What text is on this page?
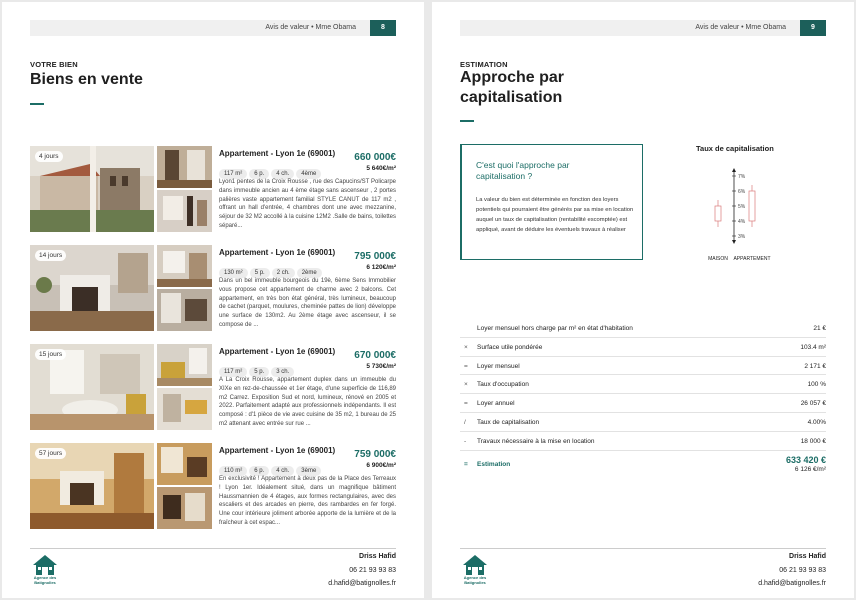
Avis de valeur • Mme Obama	8
VOTRE BIEN
Biens en vente
4 jours	Appartement - Lyon 1e (69001) 660 000€
5 640€/m²
117 m² 6 p. 4 ch. 4ème
Lyon1 pentes de la Croix Rousse , rue des Capucins/ST Policarpe dans immeuble ancien au 4 ème étage sans ascenseur , 2 portes palières vaste appartement familial STYLE CANUT de 117 m2 , offrant un hall d'entrée, 4 chambres dont une avec mezzanine, séjour de 32 M2 accollé à la cuisine 12M2 .Salle de bains, toilettes séparé...
14 jours	Appartement - Lyon 1e (69001) 795 000€
6 120€/m²
130 m² 5 p. 2 ch. 2ème
Dans un bel immeuble bourgeois du 19è, 6ème Sens Immobilier vous propose cet appartement de charme avec 2 balcons. Cet appartement, en très bon état général, très lumineux, beaucoup de cachet (parquet, moulures, cheminée pattes de lion) développe une surface de 130m2. Au 2ème étage avec ascenseur, il se compose de ...
15 jours	Appartement - Lyon 1e (69001) 670 000€
5 730€/m²
117 m² 5 p. 3 ch.
A La Croix Rousse, appartement duplex dans un immeuble du XIXe en rez-de-chaussée et 1er étage, d'une superficie de 116,89 m2 Carrez. Exposition Sud et nord, lumineux, rénové en 2005 et 2022. Parfaitement adapté aux professionnels indépendants. Il est composé : d'1 pièce de vie avec cuisine de 35 m2, 1 bureau de 25 m2 attenant avec entrée sur rue ...
57 jours	Appartement - Lyon 1e (69001) 759 000€
6 900€/m²
110 m² 6 p. 4 ch. 3ème
En exclusivité ! Appartement à deux pas de la Place des Terreaux ! Lyon 1er. Idéalement situé, dans un magnifique bâtiment Haussmannien de 4 étages, aux formes rectangulaires, avec des escaliers et des arcades en pierre, des rambardes en fer forgé. Une cour intérieure joliment arborée apporte de la lumière et de la fraîcheur à cet espac...
Agence des Batignolles
Driss Hafid
06 21 93 93 83
d.hafid@batignolles.fr
Avis de valeur • Mme Obama	9
ESTIMATION
Approche par
capitalisation
C'est quoi l'approche par capitalisation ?
La valeur du bien est déterminée en fonction des loyers potentiels qui pourraient être générés par sa mise en location auquel un taux de capitalisation (rentabilité escomptée) est appliqué, avant de déduire les éventuels travaux à réaliser
Taux de capitalisation
7%
6%
5%
4%
3%
MAISON APPARTEMENT
Loyer mensuel hors charge par m² en état d'habitation	21 €
×	Surface utile pondérée	103.4 m²
=	Loyer mensuel	2 171 €
×	Taux d'occupation	100 %
=	Loyer annuel	26 057 €
/	Taux de capitalisation	4.00%
-	Travaux nécessaire à la mise en location	18 000 €
=	Estimation	633 420 €
6 126 €/m²
Agence des Batignolles
Driss Hafid
06 21 93 93 83
d.hafid@batignolles.fr
